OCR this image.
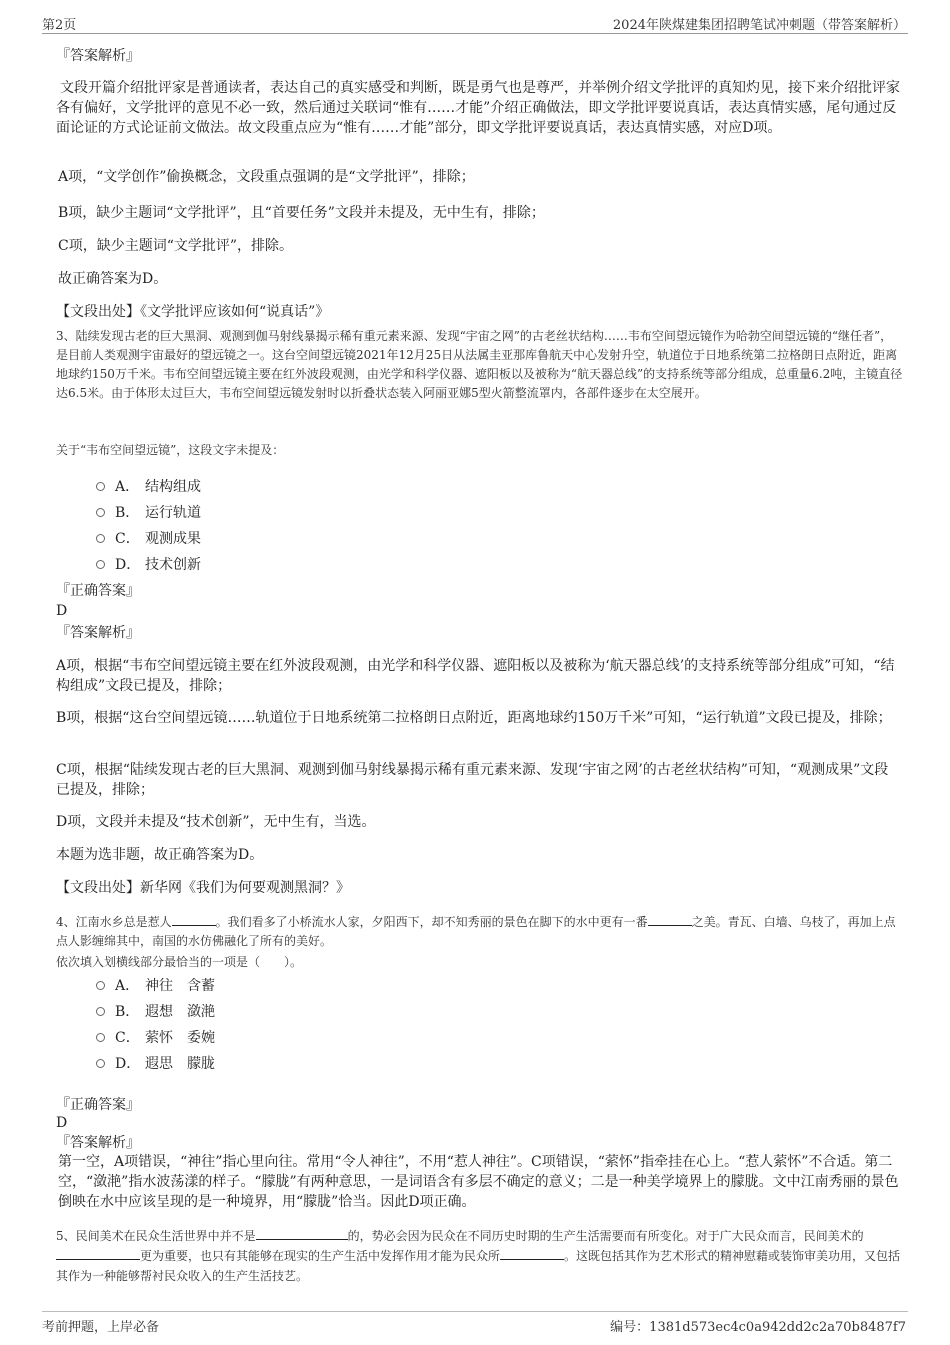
第2页	2024年陕煤建集团招聘笔试冲刺题（带答案解析）
『答案解析』
文段开篇介绍批评家是普通读者，表达自己的真实感受和判断，既是勇气也是尊严，并举例介绍文学批评的真知灼见，接下来介绍批评家各有偏好，文学批评的意见不必一致，然后通过关联词“惟有……才能”介绍正确做法，即文学批评要说真话，表达真情实感，尾句通过反面论证的方式论证前文做法。故文段重点应为“惟有……才能”部分，即文学批评要说真话，表达真情实感，对应D项。
A项，“文学创作”偷换概念，文段重点强调的是“文学批评”，排除；
B项，缺少主题词“文学批评”，且“首要任务”文段并未提及，无中生有，排除；
C项，缺少主题词“文学批评”，排除。
故正确答案为D。
【文段出处】《文学批评应该如何“说真话”》
3、陆续发现古老的巨大黑洞、观测到伽马射线暴揭示稀有重元素来源、发现“宇宙之网”的古老丝状结构……韦布空间望远镜作为哈勃空间望远镜的“继任者”，是目前人类观测宇宙最好的望远镜之一。这台空间望远镜2021年12月25日从法属圭亚那库鲁航天中心发射升空，轨道位于日地系统第二拉格朗日点附近，距离地球约150万千米。韦布空间望远镜主要在红外波段观测，由光学和科学仪器、遮阳板以及被称为“航天器总线”的支持系统等部分组成，总重量6.2吨，主镜直径达6.5米。由于体形太过巨大，韦布空间望远镜发射时以折叠状态装入阿丽亚娜5型火箭整流罩内，各部件逐步在太空展开。
关于“韦布空间望远镜”，这段文字未提及：
A． 结构组成
B． 运行轨道
C． 观测成果
D． 技术创新
『正确答案』
D
『答案解析』
A项，根据“韦布空间望远镜主要在红外波段观测，由光学和科学仪器、遮阳板以及被称为‘航天器总线’的支持系统等部分组成”可知，“结构组成”文段已提及，排除；
B项，根据“这台空间望远镜……轨道位于日地系统第二拉格朗日点附近，距离地球约150万千米”可知，“运行轨道”文段已提及，排除；
C项，根据“陆续发现古老的巨大黑洞、观测到伽马射线暴揭示稀有重元素来源、发现‘宇宙之网’的古老丝状结构”可知，“观测成果”文段已提及，排除；
D项，文段并未提及“技术创新”，无中生有，当选。
本题为选非题，故正确答案为D。
【文段出处】新华网《我们为何要观测黑洞？》
4、江南水乡总是惹人	。我们看多了小桥流水人家，夕阳西下，却不知秀丽的景色在脚下的水中更有一番	之美。青瓦、白墙、乌枝了，再加上点点人影缠绵其中，南国的水仿佛融化了所有的美好。
依次填入划横线部分最恰当的一项是（　　）。
A． 神往　含蓄
B． 遐想　潋滟
C． 萦怀　委婉
D． 遐思　朦胧
『正确答案』
D
『答案解析』
第一空，A项错误，“神往”指心里向往。常用“令人神往”，不用“惹人神往”。C项错误，“萦怀”指牵挂在心上。“惹人萦怀”不合适。第二空，“潋滟”指水波荡漾的样子。“朦胧”有两种意思，一是词语含有多层不确定的意义；二是一种美学境界上的朦胧。文中江南秀丽的景色倒映在水中应该呈现的是一种境界，用“朦胧”恰当。因此D项正确。
5、民间美术在民众生活世界中并不是	的，势必会因为民众在不同历史时期的生产生活需要而有所变化。对于广大民众而言，民间美术的更为重要，也只有其能够在现实的生产生活中发挥作用才能为民众所	。这既包括其作为艺术形式的精神慰藉或装饰审美功用，又包括其作为一种能够帮衬民众收入的生产生活技艺。
考前押题，上岸必备	编号：1381d573ec4c0a942dd2c2a70b8487f7
